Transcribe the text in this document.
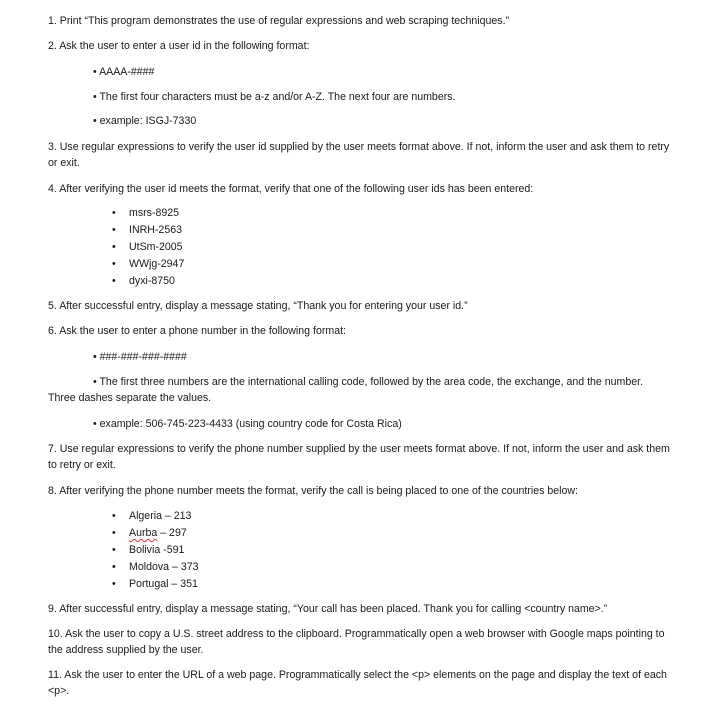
1. Print “This program demonstrates the use of regular expressions and web scraping techniques.”
2. Ask the user to enter a user id in the following format:
• AAAA-####
• The first four characters must be a-z and/or A-Z. The next four are numbers.
• example: ISGJ-7330
3. Use regular expressions to verify the user id supplied by the user meets format above. If not, inform the user and ask them to retry or exit.
4. After verifying the user id meets the format, verify that one of the following user ids has been entered:
• msrs-8925
• INRH-2563
• UtSm-2005
• WWjg-2947
• dyxi-8750
5. After successful entry, display a message stating, “Thank you for entering your user id.”
6. Ask the user to enter a phone number in the following format:
• ###-###-###-####
• The first three numbers are the international calling code, followed by the area code, the exchange, and the number. Three dashes separate the values.
• example: 506-745-223-4433 (using country code for Costa Rica)
7. Use regular expressions to verify the phone number supplied by the user meets format above. If not, inform the user and ask them to retry or exit.
8. After verifying the phone number meets the format, verify the call is being placed to one of the countries below:
• Algeria – 213
• Aurba – 297
• Bolivia -591
• Moldova – 373
• Portugal – 351
9. After successful entry, display a message stating, “Your call has been placed. Thank you for calling <country name>.”
10. Ask the user to copy a U.S. street address to the clipboard. Programmatically open a web browser with Google maps pointing to the address supplied by the user.
11. Ask the user to enter the URL of a web page. Programmatically select the <p> elements on the page and display the text of each <p>.
